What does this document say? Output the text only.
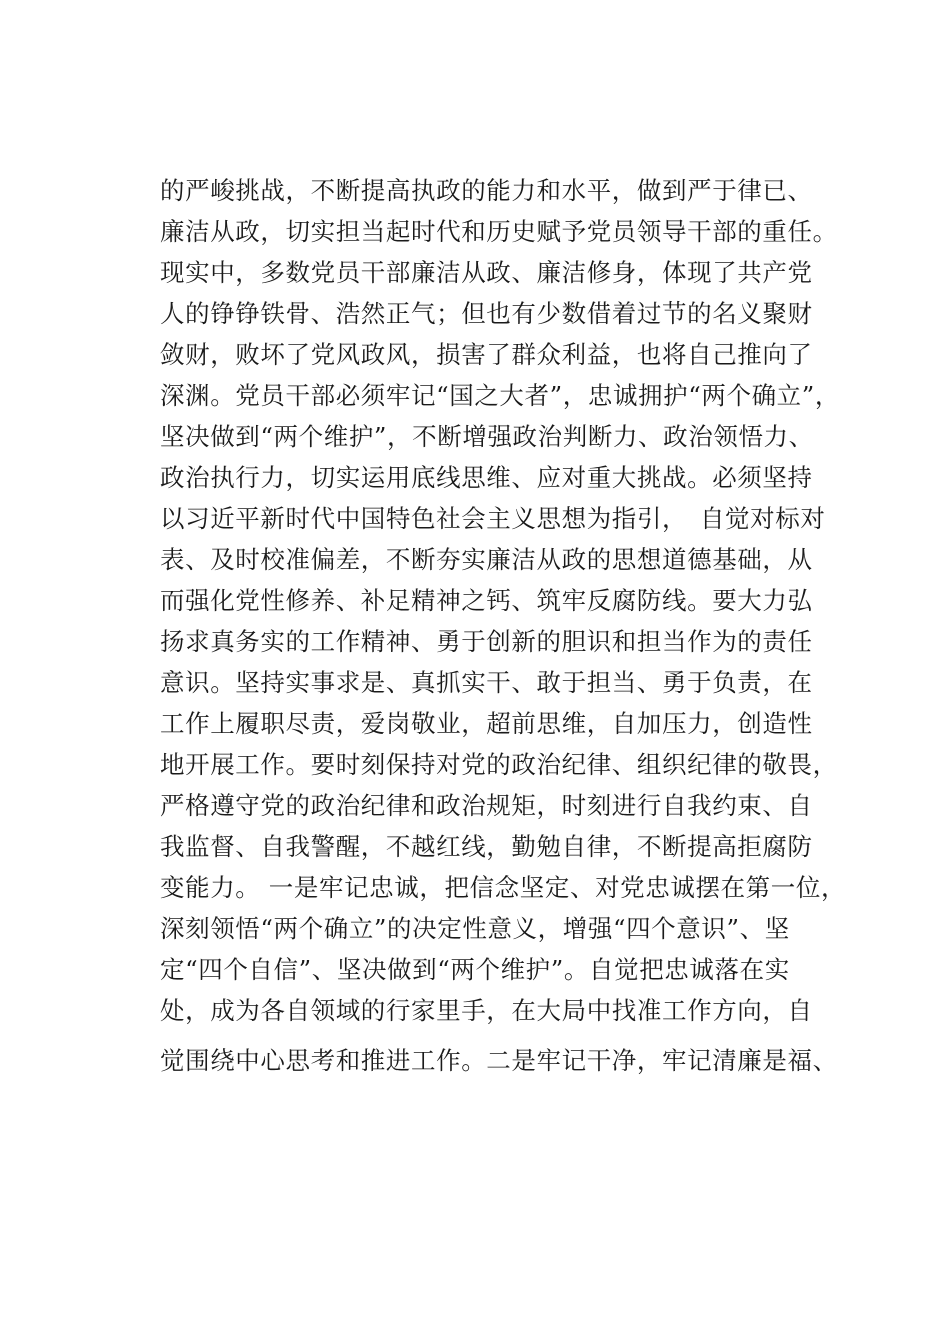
的严峻挑战，不断提高执政的能力和水平，做到严于律已、
廉洁从政，切实担当起时代和历史赋予党员领导干部的重任。
现实中，多数党员干部廉洁从政、廉洁修身，体现了共产党
人的铮铮铁骨、浩然正气；但也有少数借着过节的名义聚财
敛财，败坏了党风政风，损害了群众利益，也将自己推向了
深渊。党员干部必须牢记“国之大者”，忠诚拥护“两个确立”，
坚决做到“两个维护”，不断增强政治判断力、政治领悟力、
政治执行力，切实运用底线思维、应对重大挑战。必须坚持
以习近平新时代中国特色社会主义思想为指引，　自觉对标对
表、及时校准偏差，不断夯实廉洁从政的思想道德基础，从
而强化党性修养、补足精神之钙、筑牢反腐防线。要大力弘
扬求真务实的工作精神、勇于创新的胆识和担当作为的责任
意识。坚持实事求是、真抓实干、敢于担当、勇于负责，在
工作上履职尽责，爱岗敬业，超前思维，自加压力，创造性
地开展工作。要时刻保持对党的政治纪律、组织纪律的敬畏，
严格遵守党的政治纪律和政治规矩，时刻进行自我约束、自
我监督、自我警醒，不越红线，勤勉自律，不断提高拒腐防
变能力。 一是牢记忠诚，把信念坚定、对党忠诚摆在第一位，
深刻领悟“两个确立”的决定性意义，增强“四个意识”、坚
定“四个自信”、坚决做到“两个维护”。自觉把忠诚落在实
处，成为各自领域的行家里手，在大局中找准工作方向，自
觉围绕中心思考和推进工作。二是牢记干净，牢记清廉是福、
